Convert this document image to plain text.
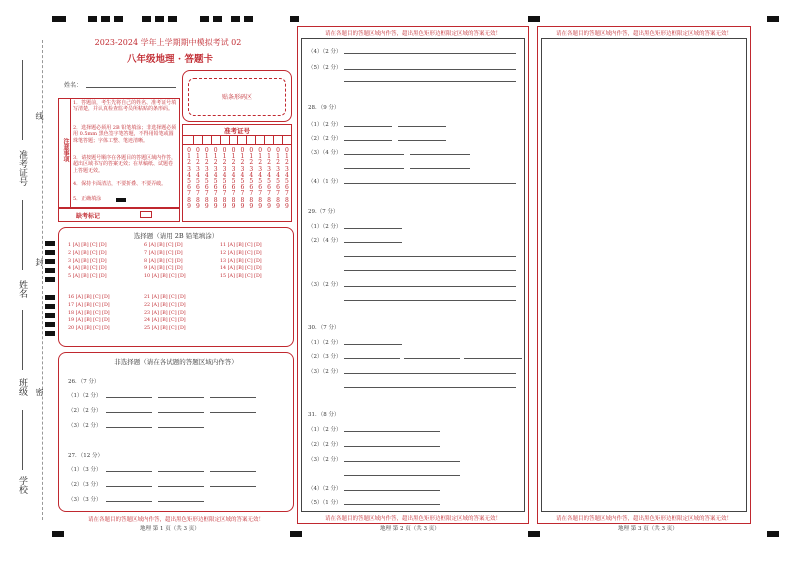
准考证号
线
姓名
封
班级 密
学校
2023-2024 学年上学期期中模拟考试 02
八年级地理 · 答题卡
姓名：
贴条形码区
注意事项
1．答题前，考生先将自己的姓名、准考证号填写清楚，并认真检查监考员所粘贴的条形码。
2．选择题必须用 2B 铅笔填涂；非选择题必须用 0.5mm 黑色签字笔答题，不得用铅笔或圆珠笔答题；字体工整、笔迹清晰。
3．请按题号顺序在各题目的答题区域内作答，超出区域书写的答案无效；在草稿纸、试题卷上答题无效。
4．保持卡面清洁，不要折叠、不要弄破。
5．正确填涂
缺考标记
准考证号
0
1
2
3
4
5
6
7
8
9
0
1
2
3
4
5
6
7
8
9
0
1
2
3
4
5
6
7
8
9
0
1
2
3
4
5
6
7
8
9
0
1
2
3
4
5
6
7
8
9
0
1
2
3
4
5
6
7
8
9
0
1
2
3
4
5
6
7
8
9
0
1
2
3
4
5
6
7
8
9
0
1
2
3
4
5
6
7
8
9
0
1
2
3
4
5
6
7
8
9
0
1
2
3
4
5
6
7
8
9
0
1
2
3
4
5
6
7
8
9
选择题（请用 2B 铅笔填涂）
1 [A] [B] [C] [D]
2 [A] [B] [C] [D]
3 [A] [B] [C] [D]
4 [A] [B] [C] [D]
5 [A] [B] [C] [D]
6 [A] [B] [C] [D]
7 [A] [B] [C] [D]
8 [A] [B] [C] [D]
9 [A] [B] [C] [D]
10 [A] [B] [C] [D]
11 [A] [B] [C] [D]
12 [A] [B] [C] [D]
13 [A] [B] [C] [D]
14 [A] [B] [C] [D]
15 [A] [B] [C] [D]
16 [A] [B] [C] [D]
17 [A] [B] [C] [D]
18 [A] [B] [C] [D]
19 [A] [B] [C] [D]
20 [A] [B] [C] [D]
21 [A] [B] [C] [D]
22 [A] [B] [C] [D]
23 [A] [B] [C] [D]
24 [A] [B] [C] [D]
25 [A] [B] [C] [D]
非选择题（请在各试题的答题区域内作答）
26．（7 分）
（1）（2 分）
（2）（2 分）
（3）（2 分）
27．（12 分）
（1）（3 分）
（2）（3 分）
（3）（3 分）
请在各题目的答题区域内作答，超出黑色矩形边框限定区域的答案无效！
地理 第 1 页（共 3 页）
请在各题目的答题区域内作答，超出黑色矩形边框限定区域的答案无效！
请在各题目的答题区域内作答，超出黑色矩形边框限定区域的答案无效！
地理 第 2 页（共 3 页）
（4）（2 分）
（5）（2 分）
28．（9 分）
（1）（2 分）
（2）（2 分）
（3）（4 分）
（4）（1 分）
29.（7 分）
（1）（2 分）
（2）（4 分）
（3）（2 分）
30．（7 分）
（1）（2 分）
（2）（3 分）
（3）（2 分）
31．（8 分）
（1）（2 分）
（2）（2 分）
（3）（2 分）
（4）（2 分）
（5）（1 分）
请在各题目的答题区域内作答，超出黑色矩形边框限定区域的答案无效！
请在各题目的答题区域内作答，超出黑色矩形边框限定区域的答案无效！
地理 第 3 页（共 3 页）
